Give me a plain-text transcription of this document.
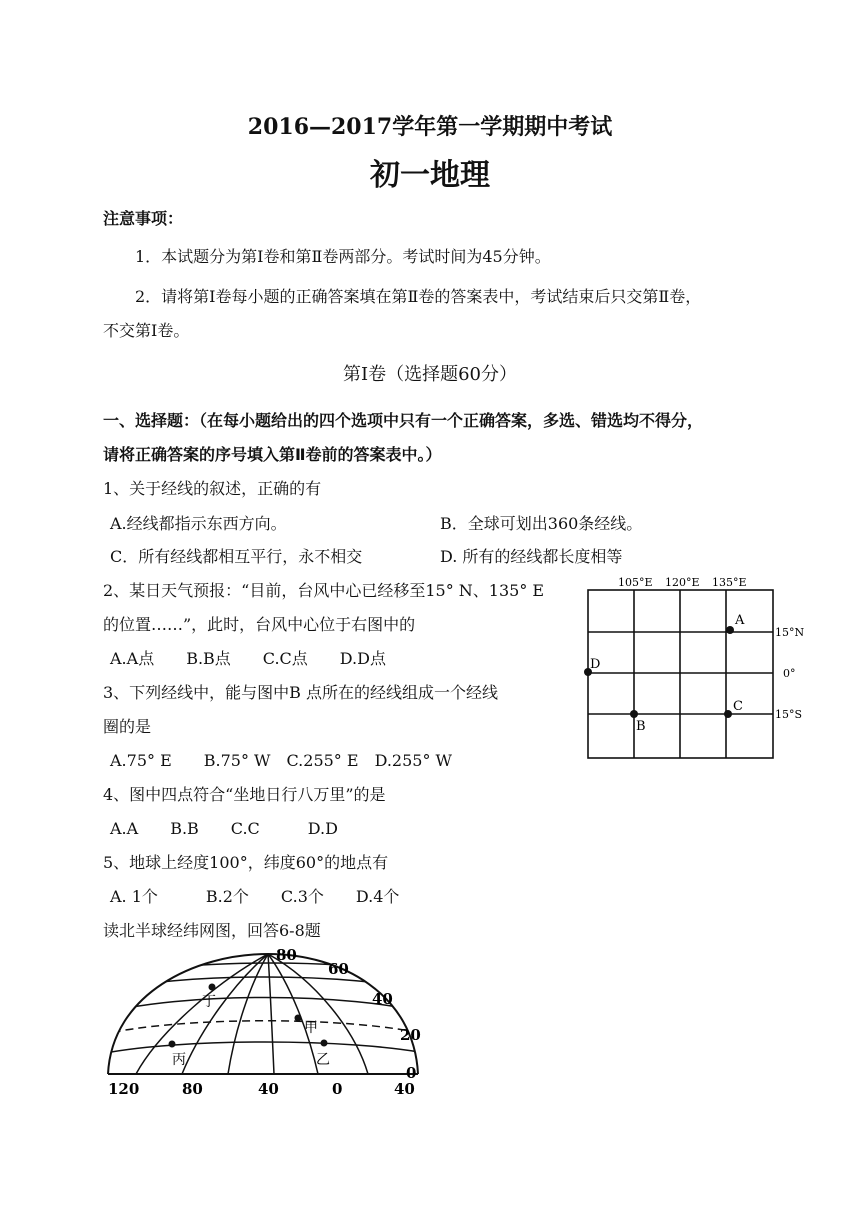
2016—2017学年第一学期期中考试
初一地理
注意事项：
1．本试题分为第Ⅰ卷和第Ⅱ卷两部分。考试时间为45分钟。
2．请将第Ⅰ卷每小题的正确答案填在第Ⅱ卷的答案表中，考试结束后只交第Ⅱ卷，
不交第Ⅰ卷。
第Ⅰ卷（选择题60分）
一、选择题：（在每小题给出的四个选项中只有一个正确答案，多选、错选均不得分，
请将正确答案的序号填入第Ⅱ卷前的答案表中。）
1、关于经线的叙述，正确的有
A.经线都指示东西方向。	B．全球可划出360条经线。
C．所有经线都相互平行，永不相交	D. 所有的经线都长度相等
2、某日天气预报：“目前，台风中心已经移至15° N、135° E
的位置……”，此时，台风中心位于右图中的
A.A点　　B.B点　　C.C点　　D.D点
3、下列经线中，能与图中B 点所在的经线组成一个经线
圈的是
A.75° E　　B.75° W　C.255° E　D.255° W
4、图中四点符合“坐地日行八万里”的是
A.A　　B.B　　C.C　　　D.D
5、地球上经度100°，纬度60°的地点有
A. 1个　　　B.2个　　C.3个　　D.4个
读北半球经纬网图，回答6-8题
105°E 120°E 135°E
15°N
0°
15°S
A
B
C
D
80
60
40
20
0
120	80	40	0	40
丁
甲
丙	乙
